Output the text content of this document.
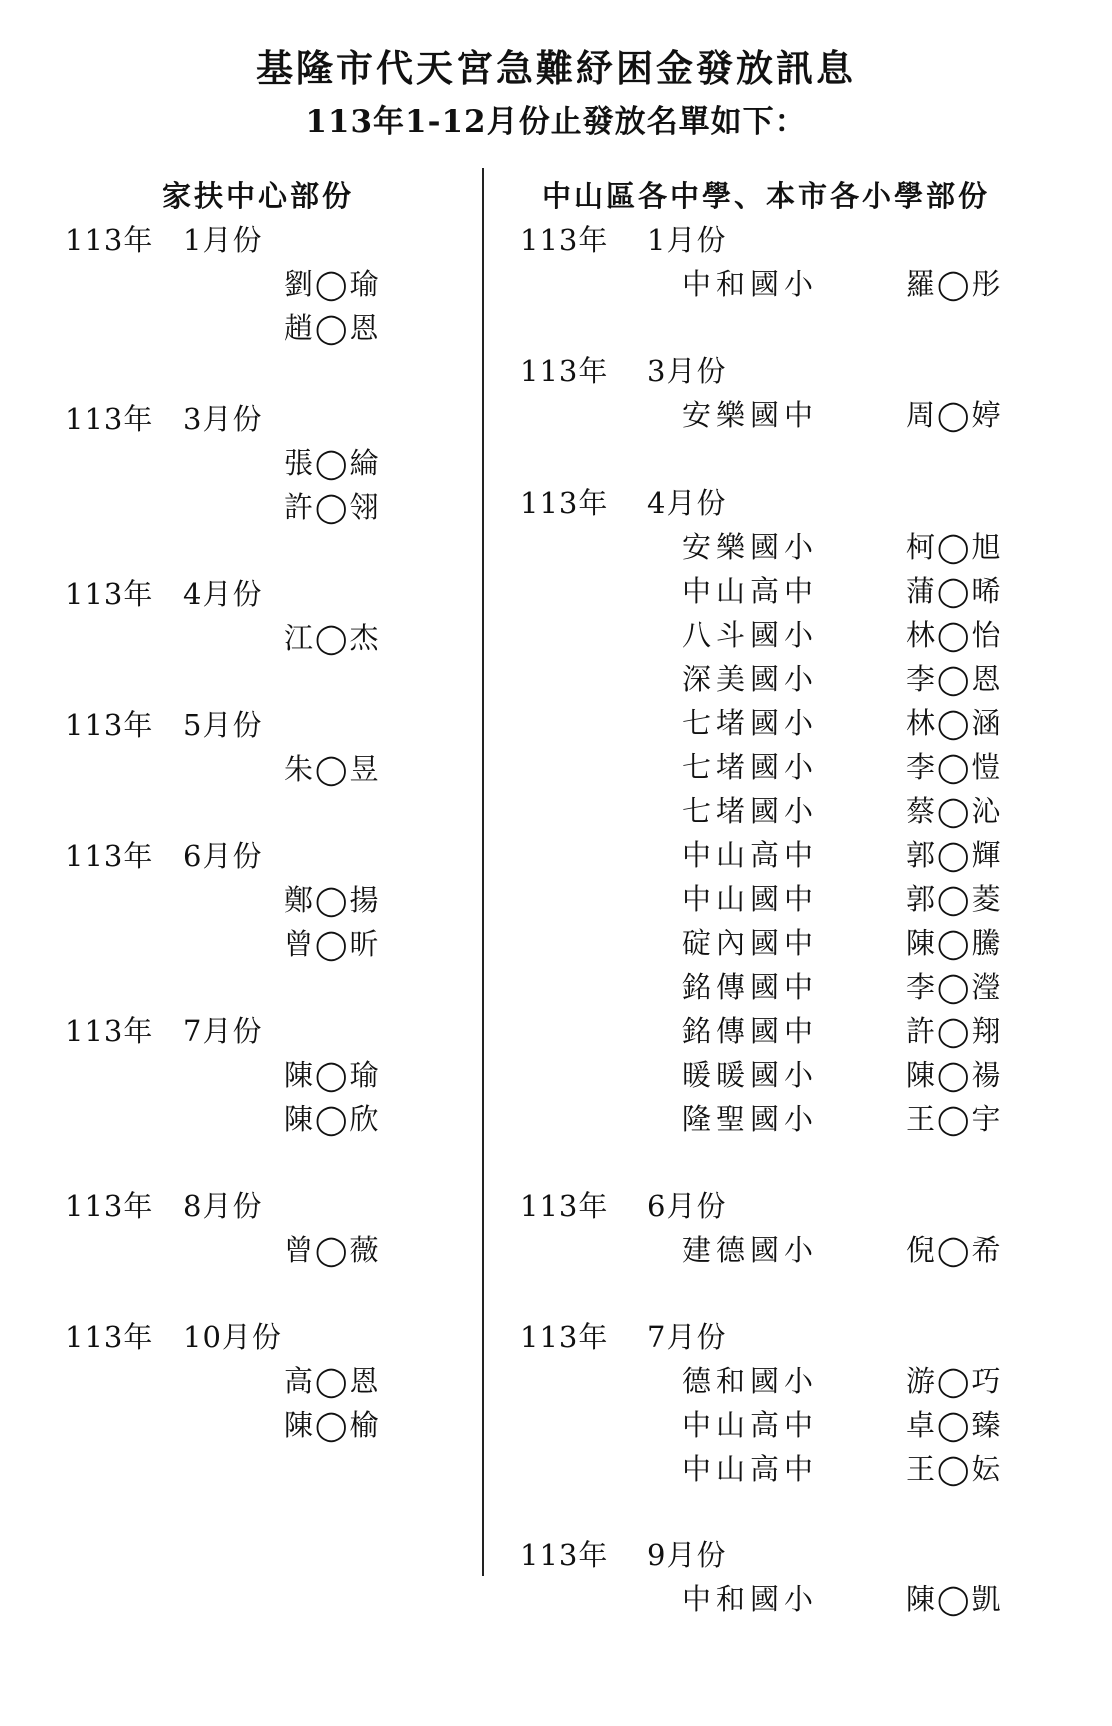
基隆市代天宮急難紓困金發放訊息
113年1-12月份止發放名單如下：
家扶中心部份	中山區各中學、本市各小學部份
113年 1月份
劉◯瑜
趙◯恩
113年 3月份
張◯綸
許◯翎
113年 4月份
江◯杰
113年 5月份
朱◯昱
113年 6月份
鄭◯揚
曾◯昕
113年 7月份
陳◯瑜
陳◯欣
113年 8月份
曾◯薇
113年 10月份
高◯恩
陳◯榆
113年 1月份
中和國小	羅◯彤
113年 3月份
安樂國中	周◯婷
113年 4月份
安樂國小	柯◯旭
中山高中	蒲◯晞
八斗國小	林◯怡
深美國小	李◯恩
七堵國小	林◯涵
七堵國小	李◯愷
七堵國小	蔡◯沁
中山高中	郭◯輝
中山國中	郭◯菱
碇內國中	陳◯騰
銘傳國中	李◯瀅
銘傳國中	許◯翔
暖暖國小	陳◯禓
隆聖國小	王◯宇
113年 6月份
建德國小	倪◯希
113年 7月份
德和國小	游◯巧
中山高中	卓◯臻
中山高中	王◯妘
113年 9月份
中和國小	陳◯凱
